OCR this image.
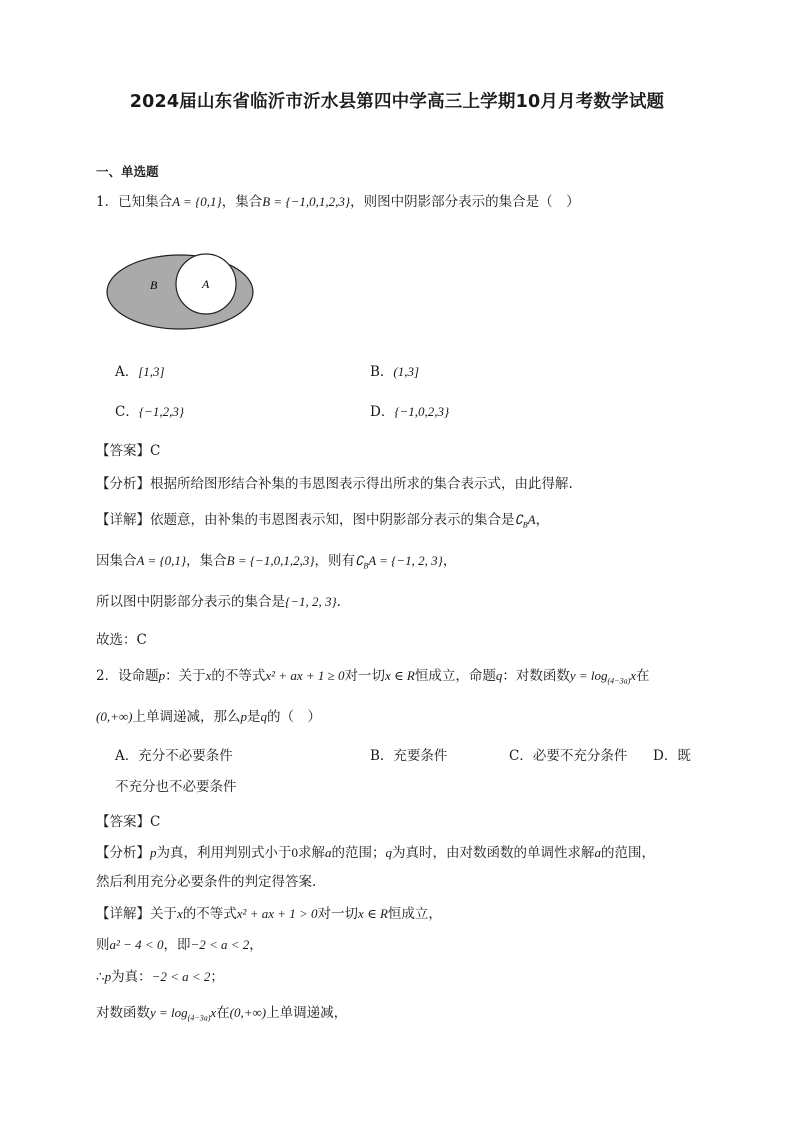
2024届山东省临沂市沂水县第四中学高三上学期10月月考数学试题
一、单选题
1．已知集合A = {0,1}，集合B = {−1,0,1,2,3}，则图中阴影部分表示的集合是（　）
B	A
A．[1,3]	B．(1,3]
C．{−1,2,3}	D．{−1,0,2,3}
【答案】C
【分析】根据所给图形结合补集的韦恩图表示得出所求的集合表示式，由此得解.
【详解】依题意，由补集的韦恩图表示知，图中阴影部分表示的集合是$∁_BA$，
因集合A = {0,1}，集合B = {−1,0,1,2,3}，则有$∁_BA = \{-1$, 2, 3}，
所以图中阴影部分表示的集合是{−1, 2, 3}.
故选：C
2．设命题p：关于x的不等式x² + ax + 1 ≥ 0对一切x ∈ R恒成立，命题q：对数函数$y = \log_{(4-3a)}x$在
(0,+∞)上单调递减，那么p是q的（　）
A．充分不必要条件	B．充要条件	C．必要不充分条件 D．既
不充分也不必要条件
【答案】C
【分析】p为真，利用判别式小于0求解a的范围；q为真时，由对数函数的单调性求解a的范围，
然后利用充分必要条件的判定得答案.
【详解】关于x的不等式x² + ax + 1 > 0对一切x ∈ R恒成立，
则a² − 4 < 0，即−2 < a < 2，
∴p为真：−2 < a < 2；
对数函数$y = \log_{(4-3a)}x$在(0,+∞)上单调递减，
